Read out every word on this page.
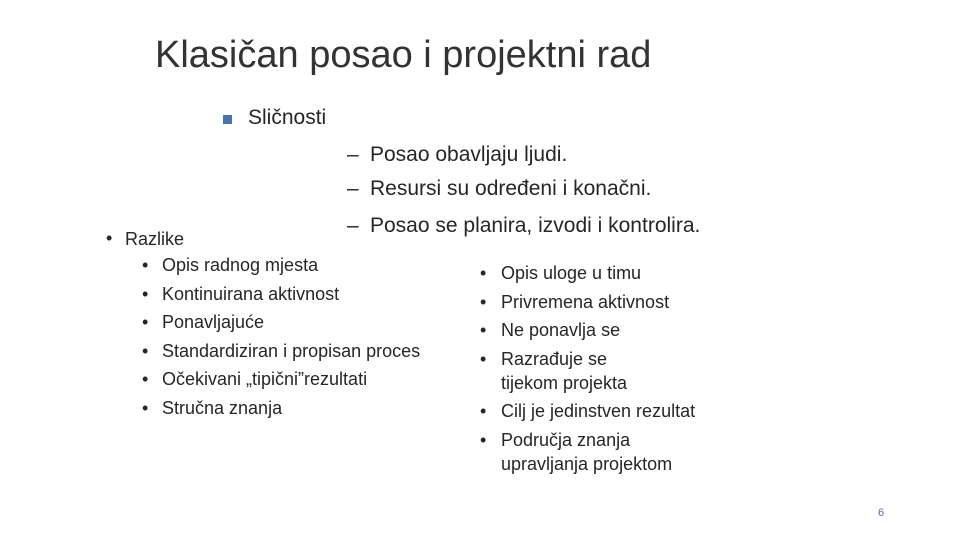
Klasičan posao i projektni rad
Sličnosti
– Posao obavljaju ljudi.
– Resursi su određeni i konačni.
– Posao se planira, izvodi i kontrolira.
• Razlike
• Opis radnog mjesta
• Kontinuirana aktivnost
• Ponavljajuće
• Standardiziran i propisan proces
• Očekivani „tipični”rezultati
• Stručna znanja
• Opis uloge u timu
• Privremena aktivnost
• Ne ponavlja se
• Razrađuje se
tijekom projekta
• Cilj je jedinstven rezultat
• Područja znanja
upravljanja projektom
6
